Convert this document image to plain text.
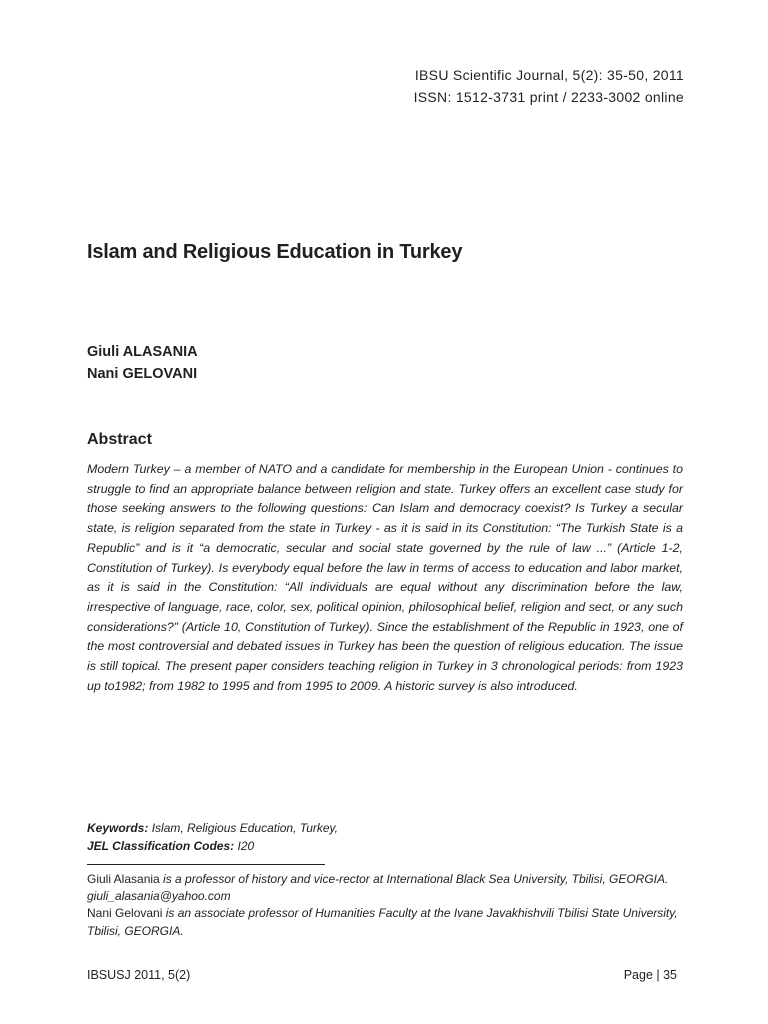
IBSU Scientific Journal, 5(2): 35-50, 2011
ISSN: 1512-3731 print / 2233-3002 online
Islam and Religious Education in Turkey
Giuli ALASANIA
Nani GELOVANI
Abstract
Modern Turkey – a member of NATO and a candidate for membership in the European Union - continues to struggle to find an appropriate balance between religion and state. Turkey offers an excellent case study for those seeking answers to the following questions: Can Islam and democracy coexist? Is Turkey a secular state, is religion separated from the state in Turkey - as it is said in its Constitution: “The Turkish State is a Republic” and is it “a democratic, secular and social state governed by the rule of law ...” (Article 1-2, Constitution of Turkey). Is everybody equal before the law in terms of access to education and labor market, as it is said in the Constitution: “All individuals are equal without any discrimination before the law, irrespective of language, race, color, sex, political opinion, philosophical belief, religion and sect, or any such considerations?” (Article 10, Constitution of Turkey). Since the establishment of the Republic in 1923, one of the most controversial and debated issues in Turkey has been the question of religious education. The issue is still topical. The present paper considers teaching religion in Turkey in 3 chronological periods: from 1923 up to1982; from 1982 to 1995 and from 1995 to 2009. A historic survey is also introduced.
Keywords: Islam, Religious Education, Turkey,
JEL Classification Codes: I20
Giuli Alasania is a professor of history and vice-rector at International Black Sea University, Tbilisi, GEORGIA. giuli_alasania@yahoo.com
Nani Gelovani is an associate professor of Humanities Faculty at the Ivane Javakhishvili Tbilisi State University, Tbilisi, GEORGIA.
IBSUSJ 2011, 5(2)	Page | 35
